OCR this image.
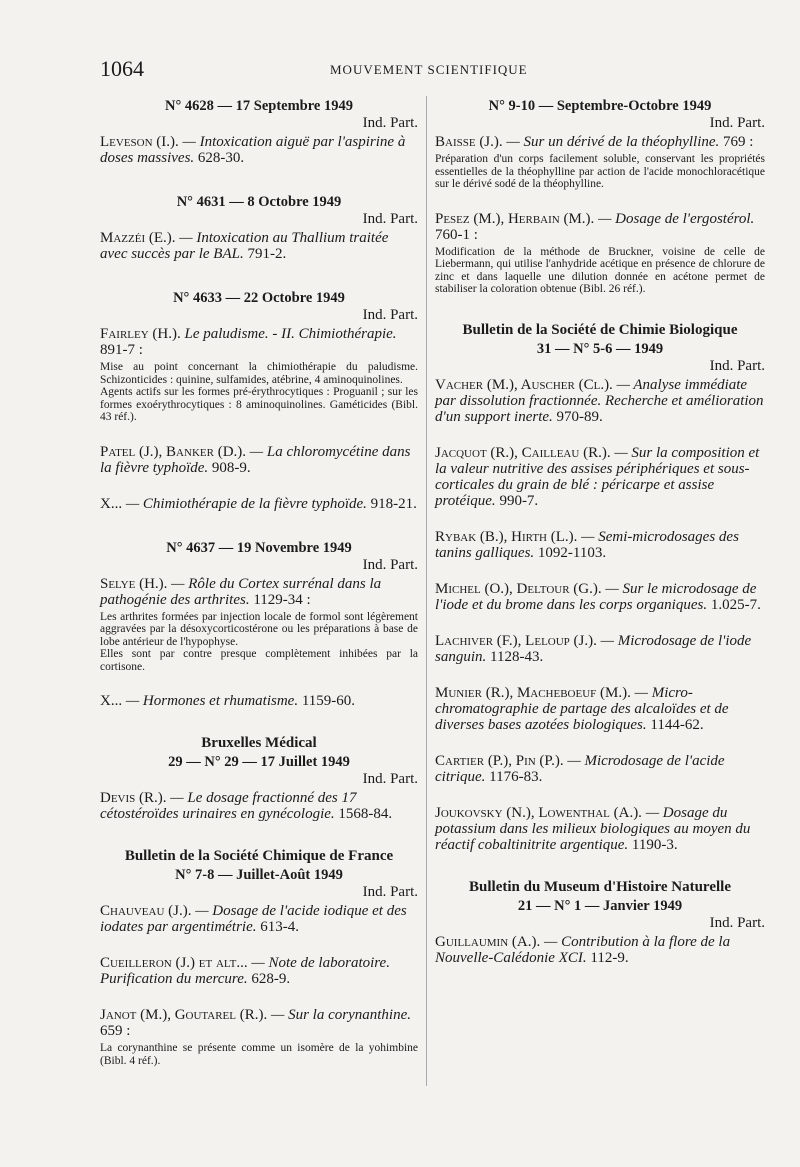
1064	MOUVEMENT SCIENTIFIQUE
N° 4628 — 17 Septembre 1949
Ind. Part.
Leveson (I.). — Intoxication aiguë par l'aspirine à doses massives. 628-30.
N° 4631 — 8 Octobre 1949
Ind. Part.
Mazzéi (E.). — Intoxication au Thallium traitée avec succès par le BAL. 791-2.
N° 4633 — 22 Octobre 1949
Ind. Part.
Fairley (H.). Le paludisme. - II. Chimiothérapie. 891-7 :

Mise au point concernant la chimiothérapie du paludisme. Schizonticides : quinine, sulfamides, atébrine, 4 aminoquinolines.

Agents actifs sur les formes pré-érythrocytiques : Proguanil ; sur les formes exoérythrocytiques : 8 aminoquinolines. Gaméticides (Bibl. 43 réf.).

Patel (J.), Banker (D.). — La chloromycétine dans la fièvre typhoïde. 908-9.
X... — Chimiothérapie de la fièvre typhoïde. 918-21.
N° 4637 — 19 Novembre 1949
Ind. Part.
Selye (H.). — Rôle du Cortex surrénal dans la pathogénie des arthrites. 1129-34 :

Les arthrites formées par injection locale de formol sont légèrement aggravées par la désoxycorticostérone ou les préparations à base de lobe antérieur de l'hypophyse.

Elles sont par contre presque complètement inhibées par la cortisone.

X... — Hormones et rhumatisme. 1159-60.
Bruxelles Médical
29 — N° 29 — 17 Juillet 1949
Ind. Part.
Devis (R.). — Le dosage fractionné des 17 cétostéroïdes urinaires en gynécologie. 1568-84.
Bulletin de la Société Chimique de France
N° 7-8 — Juillet-Août 1949
Ind. Part.
Chauveau (J.). — Dosage de l'acide iodique et des iodates par argentimétrie. 613-4.
Cueilleron (J.) et alt... — Note de laboratoire. Purification du mercure. 628-9.
Janot (M.), Goutarel (R.). — Sur la corynanthine. 659 :

La corynanthine se présente comme un isomère de la yohimbine (Bibl. 4 réf.).

N° 9-10 — Septembre-Octobre 1949
Ind. Part.
Baisse (J.). — Sur un dérivé de la théophylline. 769 :

Préparation d'un corps facilement soluble, conservant les propriétés essentielles de la théophylline par action de l'acide monochloracétique sur le dérivé sodé de la théophylline.

Pesez (M.), Herbain (M.). — Dosage de l'ergostérol. 760-1 :

Modification de la méthode de Bruckner, voisine de celle de Liebermann, qui utilise l'anhydride acétique en présence de chlorure de zinc et dans laquelle une dilution donnée en acétone permet de stabiliser la coloration obtenue (Bibl. 26 réf.).

Bulletin de la Société de Chimie Biologique
31 — N° 5-6 — 1949
Ind. Part.
Vacher (M.), Auscher (Cl.). — Analyse immédiate par dissolution fractionnée. Recherche et amélioration d'un support inerte. 970-89.
Jacquot (R.), Cailleau (R.). — Sur la composition et la valeur nutritive des assises périphériques et sous-corticales du grain de blé : péricarpe et assise protéique. 990-7.
Rybak (B.), Hirth (L.). — Semi-microdosages des tanins galliques. 1092-1103.
Michel (O.), Deltour (G.). — Sur le microdosage de l'iode et du brome dans les corps organiques. 1.025-7.
Lachiver (F.), Leloup (J.). — Microdosage de l'iode sanguin. 1128-43.
Munier (R.), Macheboeuf (M.). — Micro-chromatographie de partage des alcaloïdes et de diverses bases azotées biologiques. 1144-62.
Cartier (P.), Pin (P.). — Microdosage de l'acide citrique. 1176-83.
Joukovsky (N.), Lowenthal (A.). — Dosage du potassium dans les milieux biologiques au moyen du réactif cobaltinitrite argentique. 1190-3.
Bulletin du Museum d'Histoire Naturelle
21 — N° 1 — Janvier 1949
Ind. Part.
Guillaumin (A.). — Contribution à la flore de la Nouvelle-Calédonie XCI. 112-9.
